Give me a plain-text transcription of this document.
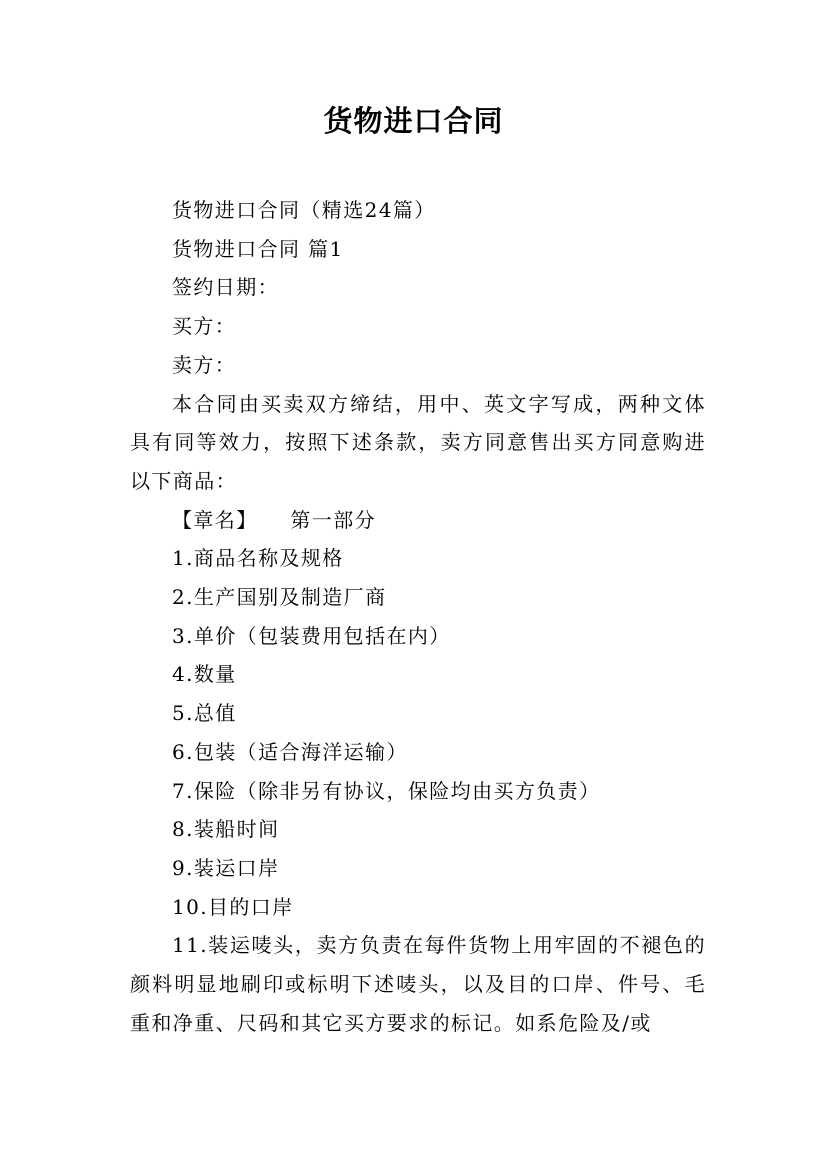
货物进口合同

货物进口合同（精选24篇）

货物进口合同 篇1

签约日期：

买方：

卖方：

本合同由买卖双方缔结，用中、英文字写成，两种文体具有同等效力，按照下述条款，卖方同意售出买方同意购进以下商品：

【章名】　　第一部分

1.商品名称及规格

2.生产国别及制造厂商

3.单价（包装费用包括在内）

4.数量

5.总值

6.包装（适合海洋运输）

7.保险（除非另有协议，保险均由买方负责）

8.装船时间

9.装运口岸

10.目的口岸

11.装运唛头，卖方负责在每件货物上用牢固的不褪色的颜料明显地刷印或标明下述唛头，以及目的口岸、件号、毛重和净重、尺码和其它买方要求的标记。如系危险及/或
